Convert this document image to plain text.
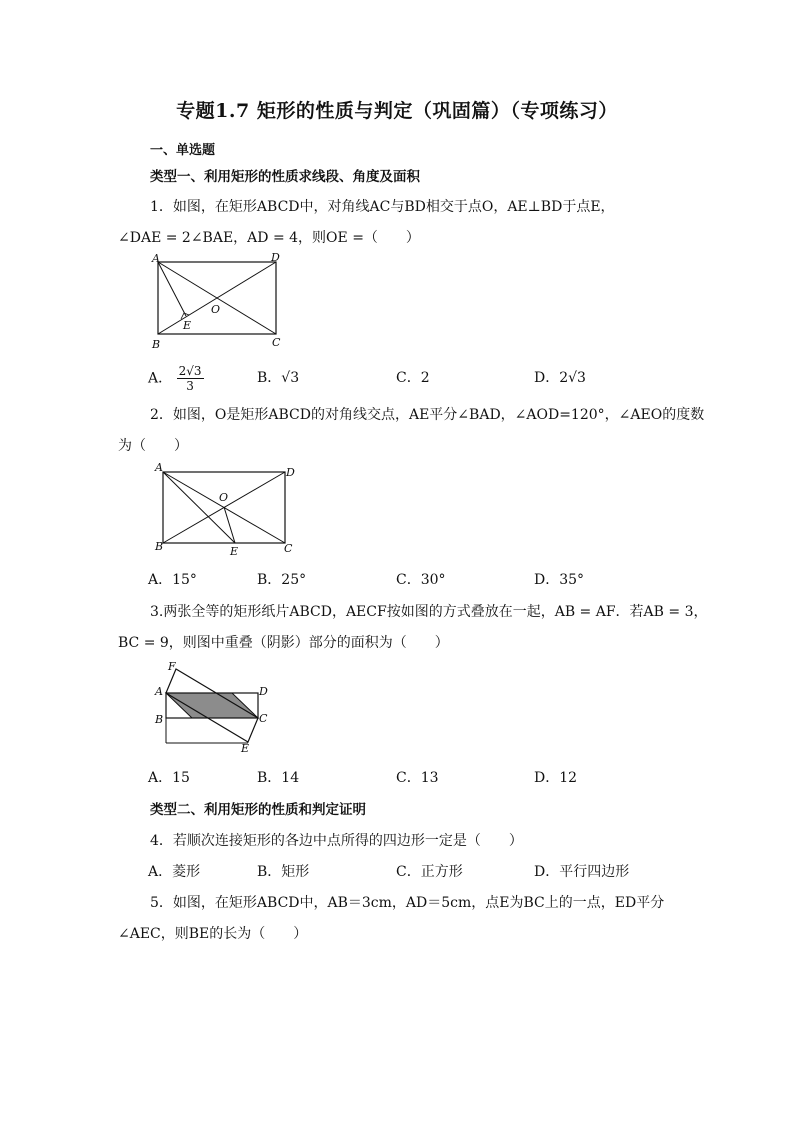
专题1.7 矩形的性质与判定（巩固篇）（专项练习）
一、单选题
类型一、利用矩形的性质求线段、角度及面积
1．如图，在矩形ABCD中，对角线AC与BD相交于点O，AE⊥BD于点E，
∠DAE = 2∠BAE，AD = 4，则OE =（　　）
A	D
B	C
E
O
A． $\frac{2√3}{3}$	B．√3	C．2	D．2√3
2．如图，O是矩形ABCD的对角线交点，AE平分∠BAD，∠AOD=120°，∠AEO的度数
为（　　）
A	D
B	C
E
O
A．15°	B．25°	C．30°	D．35°
3.两张全等的矩形纸片ABCD，AECF按如图的方式叠放在一起，AB = AF．若AB = 3，
BC = 9，则图中重叠（阴影）部分的面积为（　　）
F
A	D
B	C
E
A．15	B．14	C．13	D．12
类型二、利用矩形的性质和判定证明
4．若顺次连接矩形的各边中点所得的四边形一定是（　　）
A．菱形	B．矩形	C．正方形	D．平行四边形
5．如图，在矩形ABCD中，AB＝3cm，AD＝5cm，点E为BC上的一点，ED平分
∠AEC，则BE的长为（　　）
